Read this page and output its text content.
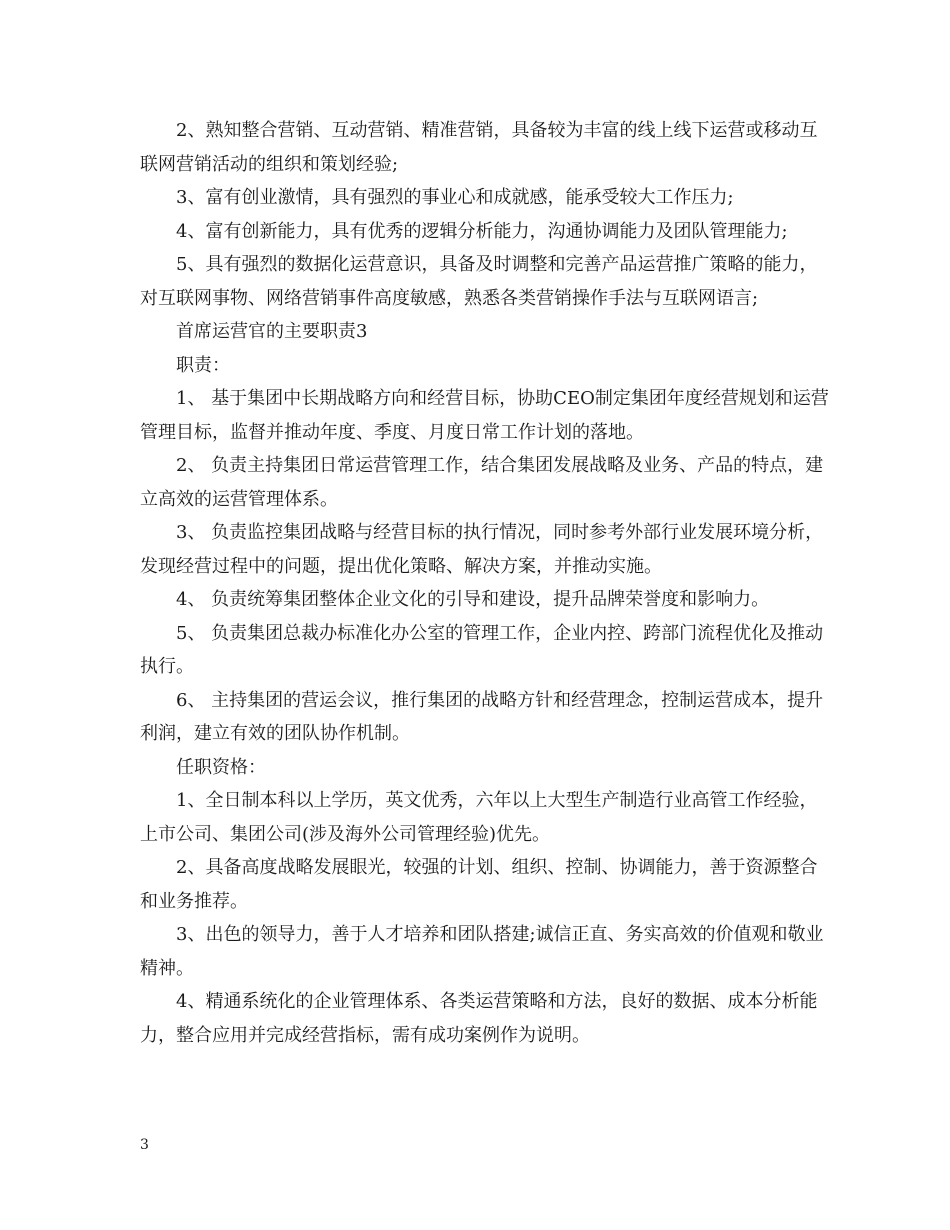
2、熟知整合营销、互动营销、精准营销，具备较为丰富的线上线下运营或移动互联网营销活动的组织和策划经验;

3、富有创业激情，具有强烈的事业心和成就感，能承受较大工作压力;

4、富有创新能力，具有优秀的逻辑分析能力，沟通协调能力及团队管理能力;

5、具有强烈的数据化运营意识，具备及时调整和完善产品运营推广策略的能力，对互联网事物、网络营销事件高度敏感，熟悉各类营销操作手法与互联网语言;

首席运营官的主要职责3

职责：

1、 基于集团中长期战略方向和经营目标，协助CEO制定集团年度经营规划和运营管理目标，监督并推动年度、季度、月度日常工作计划的落地。

2、 负责主持集团日常运营管理工作，结合集团发展战略及业务、产品的特点，建立高效的运营管理体系。

3、 负责监控集团战略与经营目标的执行情况，同时参考外部行业发展环境分析，发现经营过程中的问题，提出优化策略、解决方案，并推动实施。

4、 负责统筹集团整体企业文化的引导和建设，提升品牌荣誉度和影响力。

5、 负责集团总裁办标准化办公室的管理工作，企业内控、跨部门流程优化及推动执行。

6、 主持集团的营运会议，推行集团的战略方针和经营理念，控制运营成本，提升利润，建立有效的团队协作机制。

任职资格：

1、全日制本科以上学历，英文优秀，六年以上大型生产制造行业高管工作经验，上市公司、集团公司(涉及海外公司管理经验)优先。

2、具备高度战略发展眼光，较强的计划、组织、控制、协调能力，善于资源整合和业务推荐。

3、出色的领导力，善于人才培养和团队搭建;诚信正直、务实高效的价值观和敬业精神。

4、精通系统化的企业管理体系、各类运营策略和方法，良好的数据、成本分析能力，整合应用并完成经营指标，需有成功案例作为说明。

3
